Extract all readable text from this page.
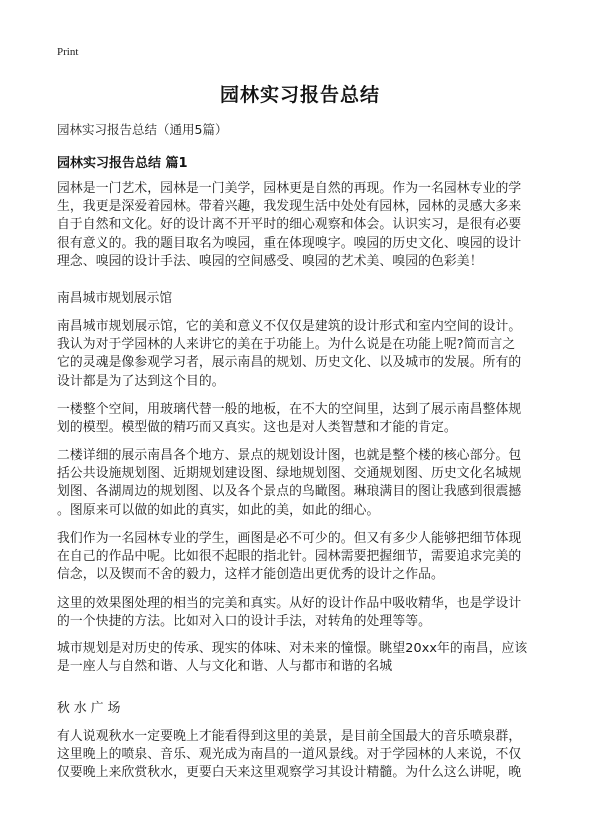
Print
园林实习报告总结
园林实习报告总结（通用5篇）
园林实习报告总结 篇1

园林是一门艺术，园林是一门美学，园林更是自然的再现。作为一名园林专业的学
生，我更是深爱着园林。带着兴趣，我发现生活中处处有园林，园林的灵感大多来
自于自然和文化。好的设计离不开平时的细心观察和体会。认识实习，是很有必要
很有意义的。我的题目取名为嗅园，重在体现嗅字。嗅园的历史文化、嗅园的设计
理念、嗅园的设计手法、嗅园的空间感受、嗅园的艺术美、嗅园的色彩美！

南昌城市规划展示馆

南昌城市规划展示馆，它的美和意义不仅仅是建筑的设计形式和室内空间的设计。
我认为对于学园林的人来讲它的美在于功能上。为什么说是在功能上呢?简而言之
它的灵魂是像参观学习者，展示南昌的规划、历史文化、以及城市的发展。所有的
设计都是为了达到这个目的。

一楼整个空间，用玻璃代替一般的地板，在不大的空间里，达到了展示南昌整体规
划的模型。模型做的精巧而又真实。这也是对人类智慧和才能的肯定。

二楼详细的展示南昌各个地方、景点的规划设计图，也就是整个楼的核心部分。包
括公共设施规划图、近期规划建设图、绿地规划图、交通规划图、历史文化名城规
划图、各湖周边的规划图、以及各个景点的鸟瞰图。琳琅满目的图让我感到很震撼
。图原来可以做的如此的真实，如此的美，如此的细心。

我们作为一名园林专业的学生，画图是必不可少的。但又有多少人能够把细节体现
在自己的作品中呢。比如很不起眼的指北针。园林需要把握细节，需要追求完美的
信念，以及锲而不舍的毅力，这样才能创造出更优秀的设计之作品。

这里的效果图处理的相当的完美和真实。从好的设计作品中吸收精华，也是学设计
的一个快捷的方法。比如对入口的设计手法，对转角的处理等等。

城市规划是对历史的传承、现实的体味、对未来的憧憬。眺望20xx年的南昌，应该
是一座人与自然和谐、人与文化和谐、人与都市和谐的名城

秋 水 广 场

有人说观秋水一定要晚上才能看得到这里的美景，是目前全国最大的音乐喷泉群，
这里晚上的喷泉、音乐、观光成为南昌的一道风景线。对于学园林的人来说，不仅
仅要晚上来欣赏秋水，更要白天来这里观察学习其设计精髓。为什么这么讲呢，晚
